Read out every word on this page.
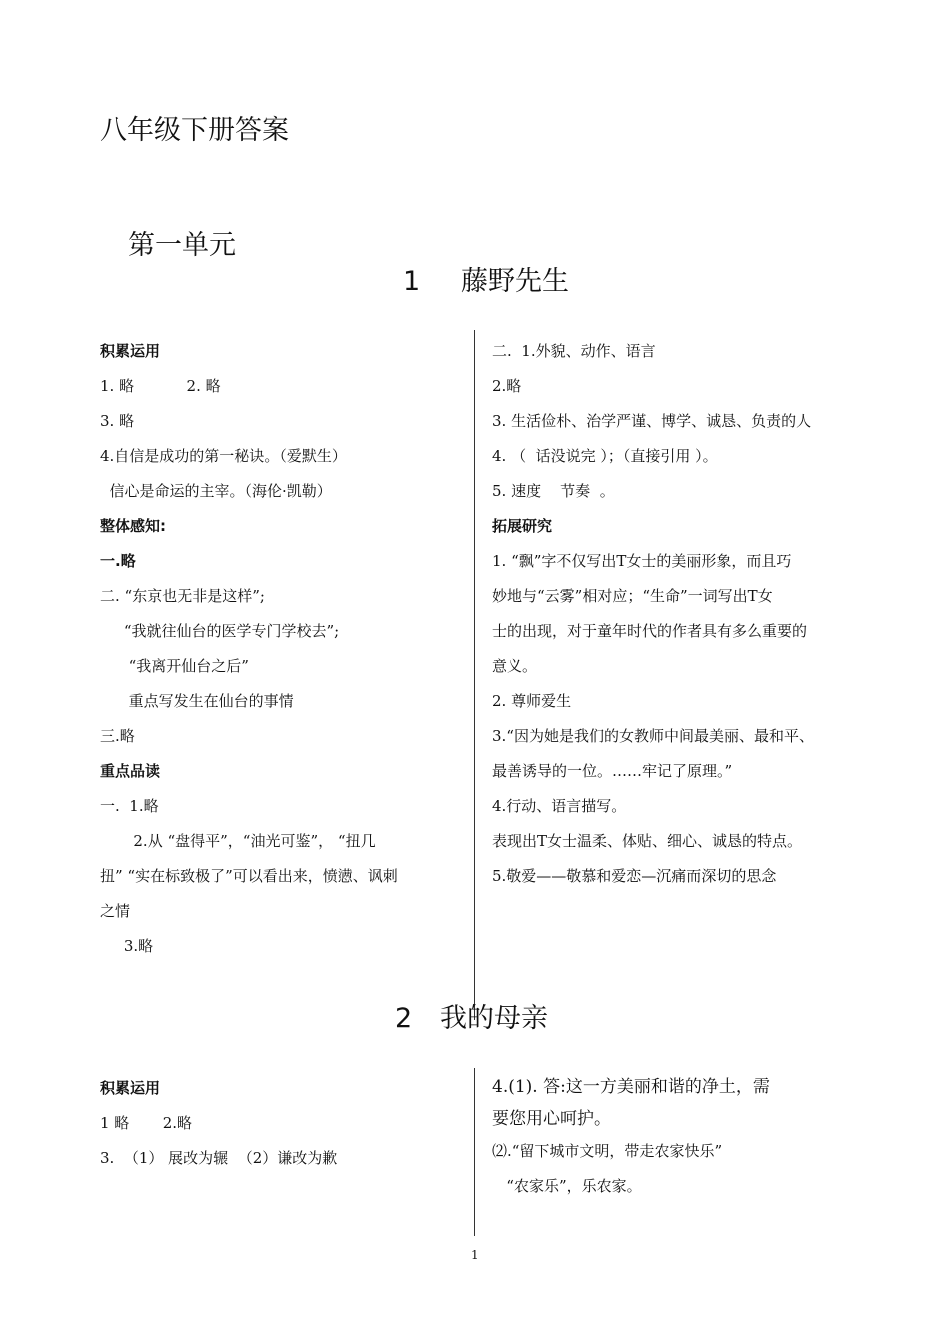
八年级下册答案
第一单元
1 藤野先生
积累运用
1. 略           2. 略
3. 略
4.自信是成功的第一秘诀。（爱默生）
信心是命运的主宰。（海伦·凯勒）
整体感知:
一.略
二. “东京也无非是这样”;
“我就往仙台的医学专门学校去”;
“我离开仙台之后”
重点写发生在仙台的事情
三.略
重点品读
一.  1.略
2.从 “盘得平”，“油光可鉴”， “扭几
扭” “实在标致极了”可以看出来，愤懑、讽刺
之情
3.略
二.  1.外貌、动作、语言
2.略
3. 生活俭朴、治学严谨、博学、诚恳、负责的人
4. （  话没说完 ）；（直接引用 ）。
5. 速度    节奏  。
拓展研究
1. “飘”字不仅写出T女士的美丽形象，而且巧
妙地与“云雾”相对应；“生命”一词写出T女
士的出现，对于童年时代的作者具有多么重要的
意义。
2. 尊师爱生
3.“因为她是我们的女教师中间最美丽、最和平、
最善诱导的一位。……牢记了原理。”
4.行动、语言描写。
表现出T女士温柔、体贴、细心、诚恳的特点。
5.敬爱——敬慕和爱恋—沉痛而深切的思念
2 我的母亲
积累运用
1 略       2.略
3.  （1） 展改为辗  （2）谦改为歉
4.(1). 答:这一方美丽和谐的净土，需
要您用心呵护。
⑵.“留下城市文明，带走农家快乐”
“农家乐”，乐农家。
1
